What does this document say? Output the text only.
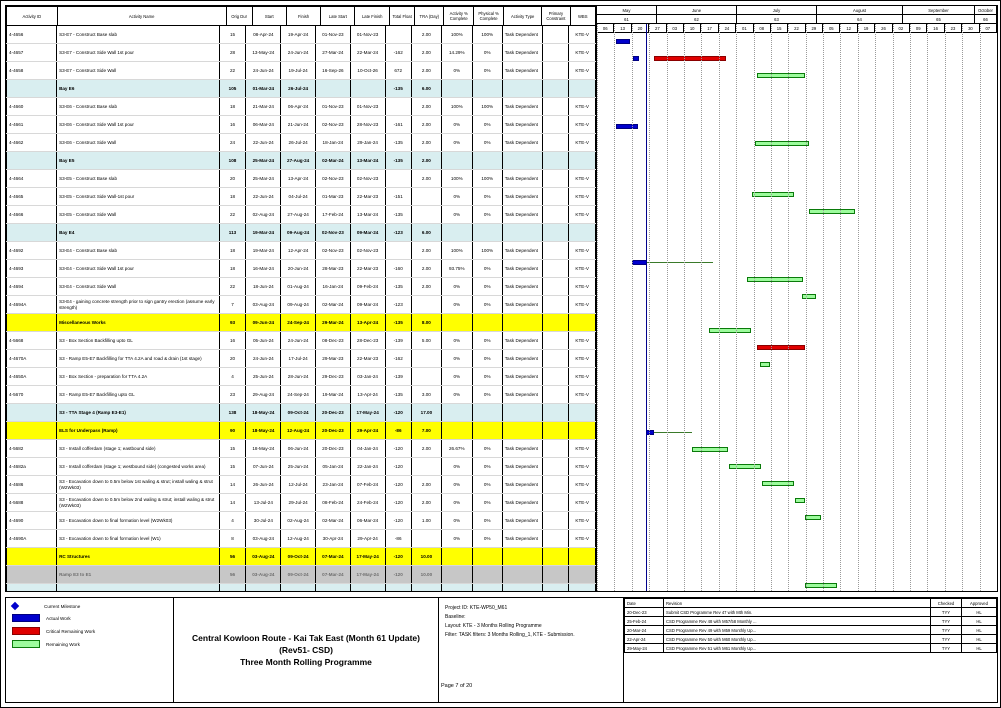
Activity ID	Activity Name	Orig Dur	Start	Finish	Late Start	Late Finish	Total Float	TRA (Day)	Activity % Complete	Physical % Complete	Activity Type	Primary Constraint	WBS
4-4656	S3-E7 - Construct Base slab	15	08-Apr-24	19-Apr-24	01-Nov-23	01-Nov-23		2.00	100%	100%	Task Dependent		KTE-V
4-4657	S3-E7 - Construct Side Wall 1st pour	28	13-May-24	24-Jun-24	27-Mar-24	22-Mar-24	-162	2.00	14.29%	0%	Task Dependent		KTE-V
4-4658	S3-E7 - Construct Side Wall	22	24-Jun-24	19-Jul-24	16-Sep-26	10-Oct-26	672	2.00	0%	0%	Task Dependent		KTE-V
	Bay E6	105	01-Mar-24	26-Jul-24			-135	6.00					
4-4660	S3-E6 - Construct Base slab	18	21-Mar-24	06-Apr-24	01-Nov-23	01-Nov-23		2.00	100%	100%	Task Dependent		KTE-V
4-4661	S3-E6 - Construct Side Wall 1st pour	16	06-Mar-24	21-Jun-24	02-Nov-23	28-Nov-23	-161	2.00	0%	0%	Task Dependent		KTE-V
4-4662	S3-E6 - Construct Side Wall	24	22-Jun-24	26-Jul-24	18-Jan-24	29-Jan-24	-135	2.00	0%	0%	Task Dependent		KTE-V
	Bay E5	108	25-Mar-24	27-Aug-24	02-Mar-24	13-Mar-24	-135	2.00					
4-4664	S3-E5 - Construct Base slab	20	25-Mar-24	13-Apr-24	02-Nov-23	02-Nov-23		2.00	100%	100%	Task Dependent		KTE-V
4-4665	S3-E5 - Construct Side Wall-1st pour	18	22-Jun-24	04-Jul-24	01-Mar-23	22-Mar-23	-151		0%	0%	Task Dependent		KTE-V
4-4666	S3-E5 - Construct Side Wall	22	02-Aug-24	27-Aug-24	17-Feb-24	13-Mar-24	-135		0%	0%	Task Dependent		KTE-V
	Bay E4	113	19-Mar-24	09-Aug-24	02-Nov-23	09-Mar-24	-123	6.00					
4-4692	S3-E4 - Construct Base slab	18	19-Mar-24	12-Apr-24	02-Nov-23	02-Nov-23		2.00	100%	100%	Task Dependent		KTE-V
4-4693	S3-E4 - Construct Side Wall 1st pour	18	16-Mar-24	20-Jun-24	28-Mar-23	22-Mar-23	-160	2.00	93.75%	0%	Task Dependent		KTE-V
4-4694	S3-E4 - Construct Side Wall	22	18-Jun-24	01-Aug-24	16-Jan-24	09-Feb-24	-135	2.00	0%	0%	Task Dependent		KTE-V
4-4694A	S3-E4 - gaining concrete strength prior to sign gantry erection (assume early strength)	7	03-Aug-24	09-Aug-24	02-Mar-24	09-Mar-24	-123		0%	0%	Task Dependent		KTE-V
	Miscellaneous Works	93	09-Jun-24	24-Sep-24	29-Mar-24	13-Apr-24	-135	8.00					
4-5668	S3 - Box Section Backfilling upto GL	16	05-Jun-24	24-Jun-24	08-Dec-23	28-Dec-23	-139	5.00	0%	0%	Task Dependent		KTE-V
4-4670A	S3 - Ramp E5-E7 Backfilling for TTA 4.2A and road & drain (1st stage)	20	24-Jun-24	17-Jul-24	29-Mar-23	22-Mar-23	-162		0%	0%	Task Dependent		KTE-V
4-4650A	S3 - Box Section - preparation for TTA 4.2A	4	25-Jun-24	28-Jun-24	29-Dec-23	03-Jan-24	-139		0%	0%	Task Dependent		KTE-V
4-5670	S3 - Ramp E5-E7 Backfilling upto GL	23	29-Aug-24	24-Sep-24	19-Mar-24	13-Apr-24	-135	3.00	0%	0%	Task Dependent		KTE-V
	S3 - TTA Stage 4 (Ramp E3-E1)	138	18-May-24	09-Oct-24	20-Dec-23	17-May-24	-120	17.00					
	ELS for Underpass (Ramp)	90	18-May-24	12-Aug-24	20-Dec-23	29-Apr-24	-86	7.00					
4-5682	S3 - Install cofferdam (stage 1; eastbound side)	15	18-May-24	06-Jun-24	20-Dec-23	04-Jan-24	-120	2.00	26.67%	0%	Task Dependent		KTE-V
4-4682a	S3 - Install cofferdam (stage 1; westbound side) (congested works area)	15	07-Jun-24	25-Jun-24	05-Jan-24	22-Jan-24	-120		0%	0%	Task Dependent		KTE-V
4-4686	S3 - Excavation down to 0.5m below 1st waling & strut; install waling & strut (W2Wk03)	14	26-Jun-24	12-Jul-24	23-Jan-24	07-Feb-24	-120	2.00	0%	0%	Task Dependent		KTE-V
4-5688	S3 - Excavation down to 0.5m below 2nd waling & strut; install waling & strut (W2Wk03)	14	13-Jul-24	29-Jul-24	08-Feb-24	24-Feb-24	-120	2.00	0%	0%	Task Dependent		KTE-V
4-4690	S3 - Excavation down to final formation level (W2Wk03)	4	30-Jul-24	02-Aug-24	02-Mar-24	06-Mar-24	-120	1.00	0%	0%	Task Dependent		KTE-V
4-4690A	S3 - Excavation down to final formation level (W1)	8	03-Aug-24	12-Aug-24	30-Apr-24	29-Apr-24	-86		0%	0%	Task Dependent		KTE-V
	RC Structures	56	03-Aug-24	09-Oct-24	07-Mar-24	17-May-24	-120	10.00					
	Ramp E3 to E1	56	03-Aug-24	09-Oct-24	07-Mar-24	17-May-24	-120	10.00					

May	June	July	August	September	October
61	62	63	64	65	66
06	13	20	27	03	10	17	24	01	08	15	22	29	05	12	19	26	02	09	16	23	30	07
Current Milestone
Actual Work
Critical Remaining Work
Remaining Work
Central Kowloon Route - Kai Tak East (Month 61 Update) (Rev51- CSD)
Three Month Rolling Programme
Project ID: KTE-WP50_M61
Baseline:
Layout: KTE - 3 Months Rolling Programme
Filter: TASK filters: 3 Months Rolling_1, KTE - Submission.
Date	Revision	Checked	Approved
20-Dec-23	Submit CSD Programme Rev 47 with Mth Min.	TYY	HL
25-Feb-24	CSD Programme Rev 48 with M57/58 Monthly ...	TYY	HL
20-Mar-24	CSD Programme Rev 49 with M59 Monthly Up...	TYY	HL
22-Apr-24	CSD Programme Rev 50 with M60 Monthly Up...	TYY	HL
29-May-24	CSD Programme Rev 51 with M61 Monthly Up...	TYY	HL
Page 7 of 20
